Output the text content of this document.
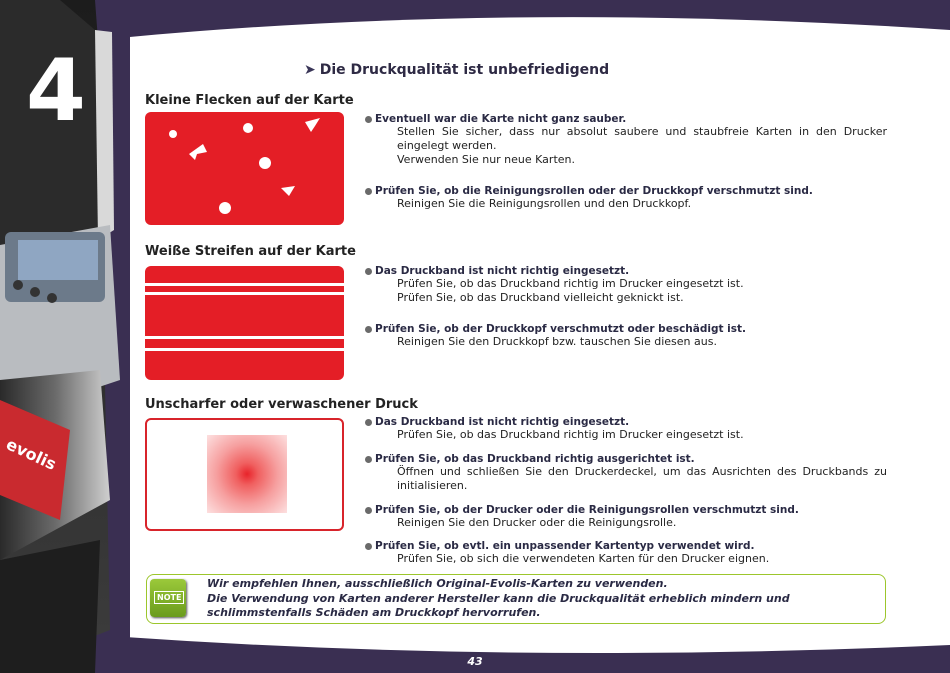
evolis
4	➤ Die Druckqualität ist unbefriedigend
Kleine Flecken auf der Karte
Eventuell war die Karte nicht ganz sauber.
Stellen Sie sicher, dass nur absolut saubere und staubfreie Karten in den Drucker eingelegt werden.
Verwenden Sie nur neue Karten.
Prüfen Sie, ob die Reinigungsrollen oder der Druckkopf verschmutzt sind.
Reinigen Sie die Reinigungsrollen und den Druckkopf.
Weiße Streifen auf der Karte
Das Druckband ist nicht richtig eingesetzt.
Prüfen Sie, ob das Druckband richtig im Drucker eingesetzt ist.
Prüfen Sie, ob das Druckband vielleicht geknickt ist.
Prüfen Sie, ob der Druckkopf verschmutzt oder beschädigt ist.
Reinigen Sie den Druckkopf bzw. tauschen Sie diesen aus.
Unscharfer oder verwaschener Druck
Das Druckband ist nicht richtig eingesetzt.
Prüfen Sie, ob das Druckband richtig im Drucker eingesetzt ist.
Prüfen Sie, ob das Druckband richtig ausgerichtet ist.
Öffnen und schließen Sie den Druckerdeckel, um das Ausrichten des Druckbands zu initialisieren.
Prüfen Sie, ob der Drucker oder die Reinigungsrollen verschmutzt sind.
Reinigen Sie den Drucker oder die Reinigungsrolle.
Prüfen Sie, ob evtl. ein unpassender Kartentyp verwendet wird.
Prüfen Sie, ob sich die verwendeten Karten für den Drucker eignen.
NOTE
Wir empfehlen Ihnen, ausschließlich Original-Evolis-Karten zu verwenden.
Die Verwendung von Karten anderer Hersteller kann die Druckqualität erheblich mindern und schlimmstenfalls Schäden am Druckkopf hervorrufen.
43
